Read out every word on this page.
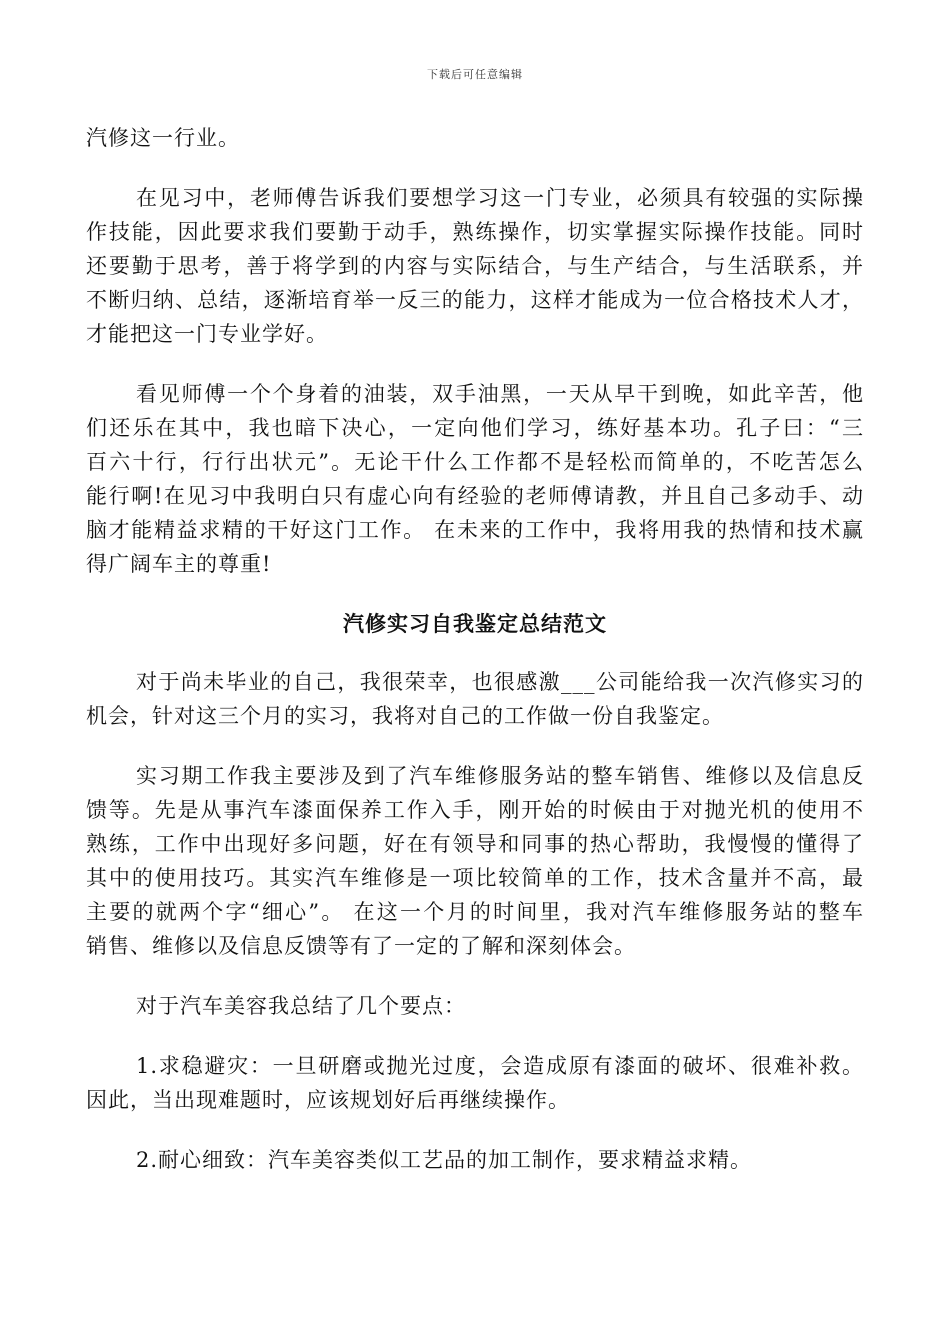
下载后可任意编辑
汽修这一行业。
在见习中，老师傅告诉我们要想学习这一门专业，必须具有较强的实际操
作技能，因此要求我们要勤于动手，熟练操作，切实掌握实际操作技能。同时
还要勤于思考，善于将学到的内容与实际结合，与生产结合，与生活联系，并
不断归纳、总结，逐渐培育举一反三的能力，这样才能成为一位合格技术人才，
才能把这一门专业学好。
看见师傅一个个身着的油装，双手油黑，一天从早干到晚，如此辛苦，他
们还乐在其中，我也暗下决心，一定向他们学习，练好基本功。孔子曰：“三
百六十行，行行出状元”。无论干什么工作都不是轻松而简单的，不吃苦怎么
能行啊!在见习中我明白只有虚心向有经验的老师傅请教，并且自己多动手、动
脑才能精益求精的干好这门工作。 在未来的工作中，我将用我的热情和技术赢
得广阔车主的尊重!
汽修实习自我鉴定总结范文
对于尚未毕业的自己，我很荣幸，也很感激___公司能给我一次汽修实习的
机会，针对这三个月的实习，我将对自己的工作做一份自我鉴定。
实习期工作我主要涉及到了汽车维修服务站的整车销售、维修以及信息反
馈等。先是从事汽车漆面保养工作入手，刚开始的时候由于对抛光机的使用不
熟练，工作中出现好多问题，好在有领导和同事的热心帮助，我慢慢的懂得了
其中的使用技巧。其实汽车维修是一项比较简单的工作，技术含量并不高，最
主要的就两个字“细心”。 在这一个月的时间里，我对汽车维修服务站的整车
销售、维修以及信息反馈等有了一定的了解和深刻体会。
对于汽车美容我总结了几个要点：
1.求稳避灾：一旦研磨或抛光过度，会造成原有漆面的破坏、很难补救。
因此，当出现难题时，应该规划好后再继续操作。
2.耐心细致：汽车美容类似工艺品的加工制作，要求精益求精。
